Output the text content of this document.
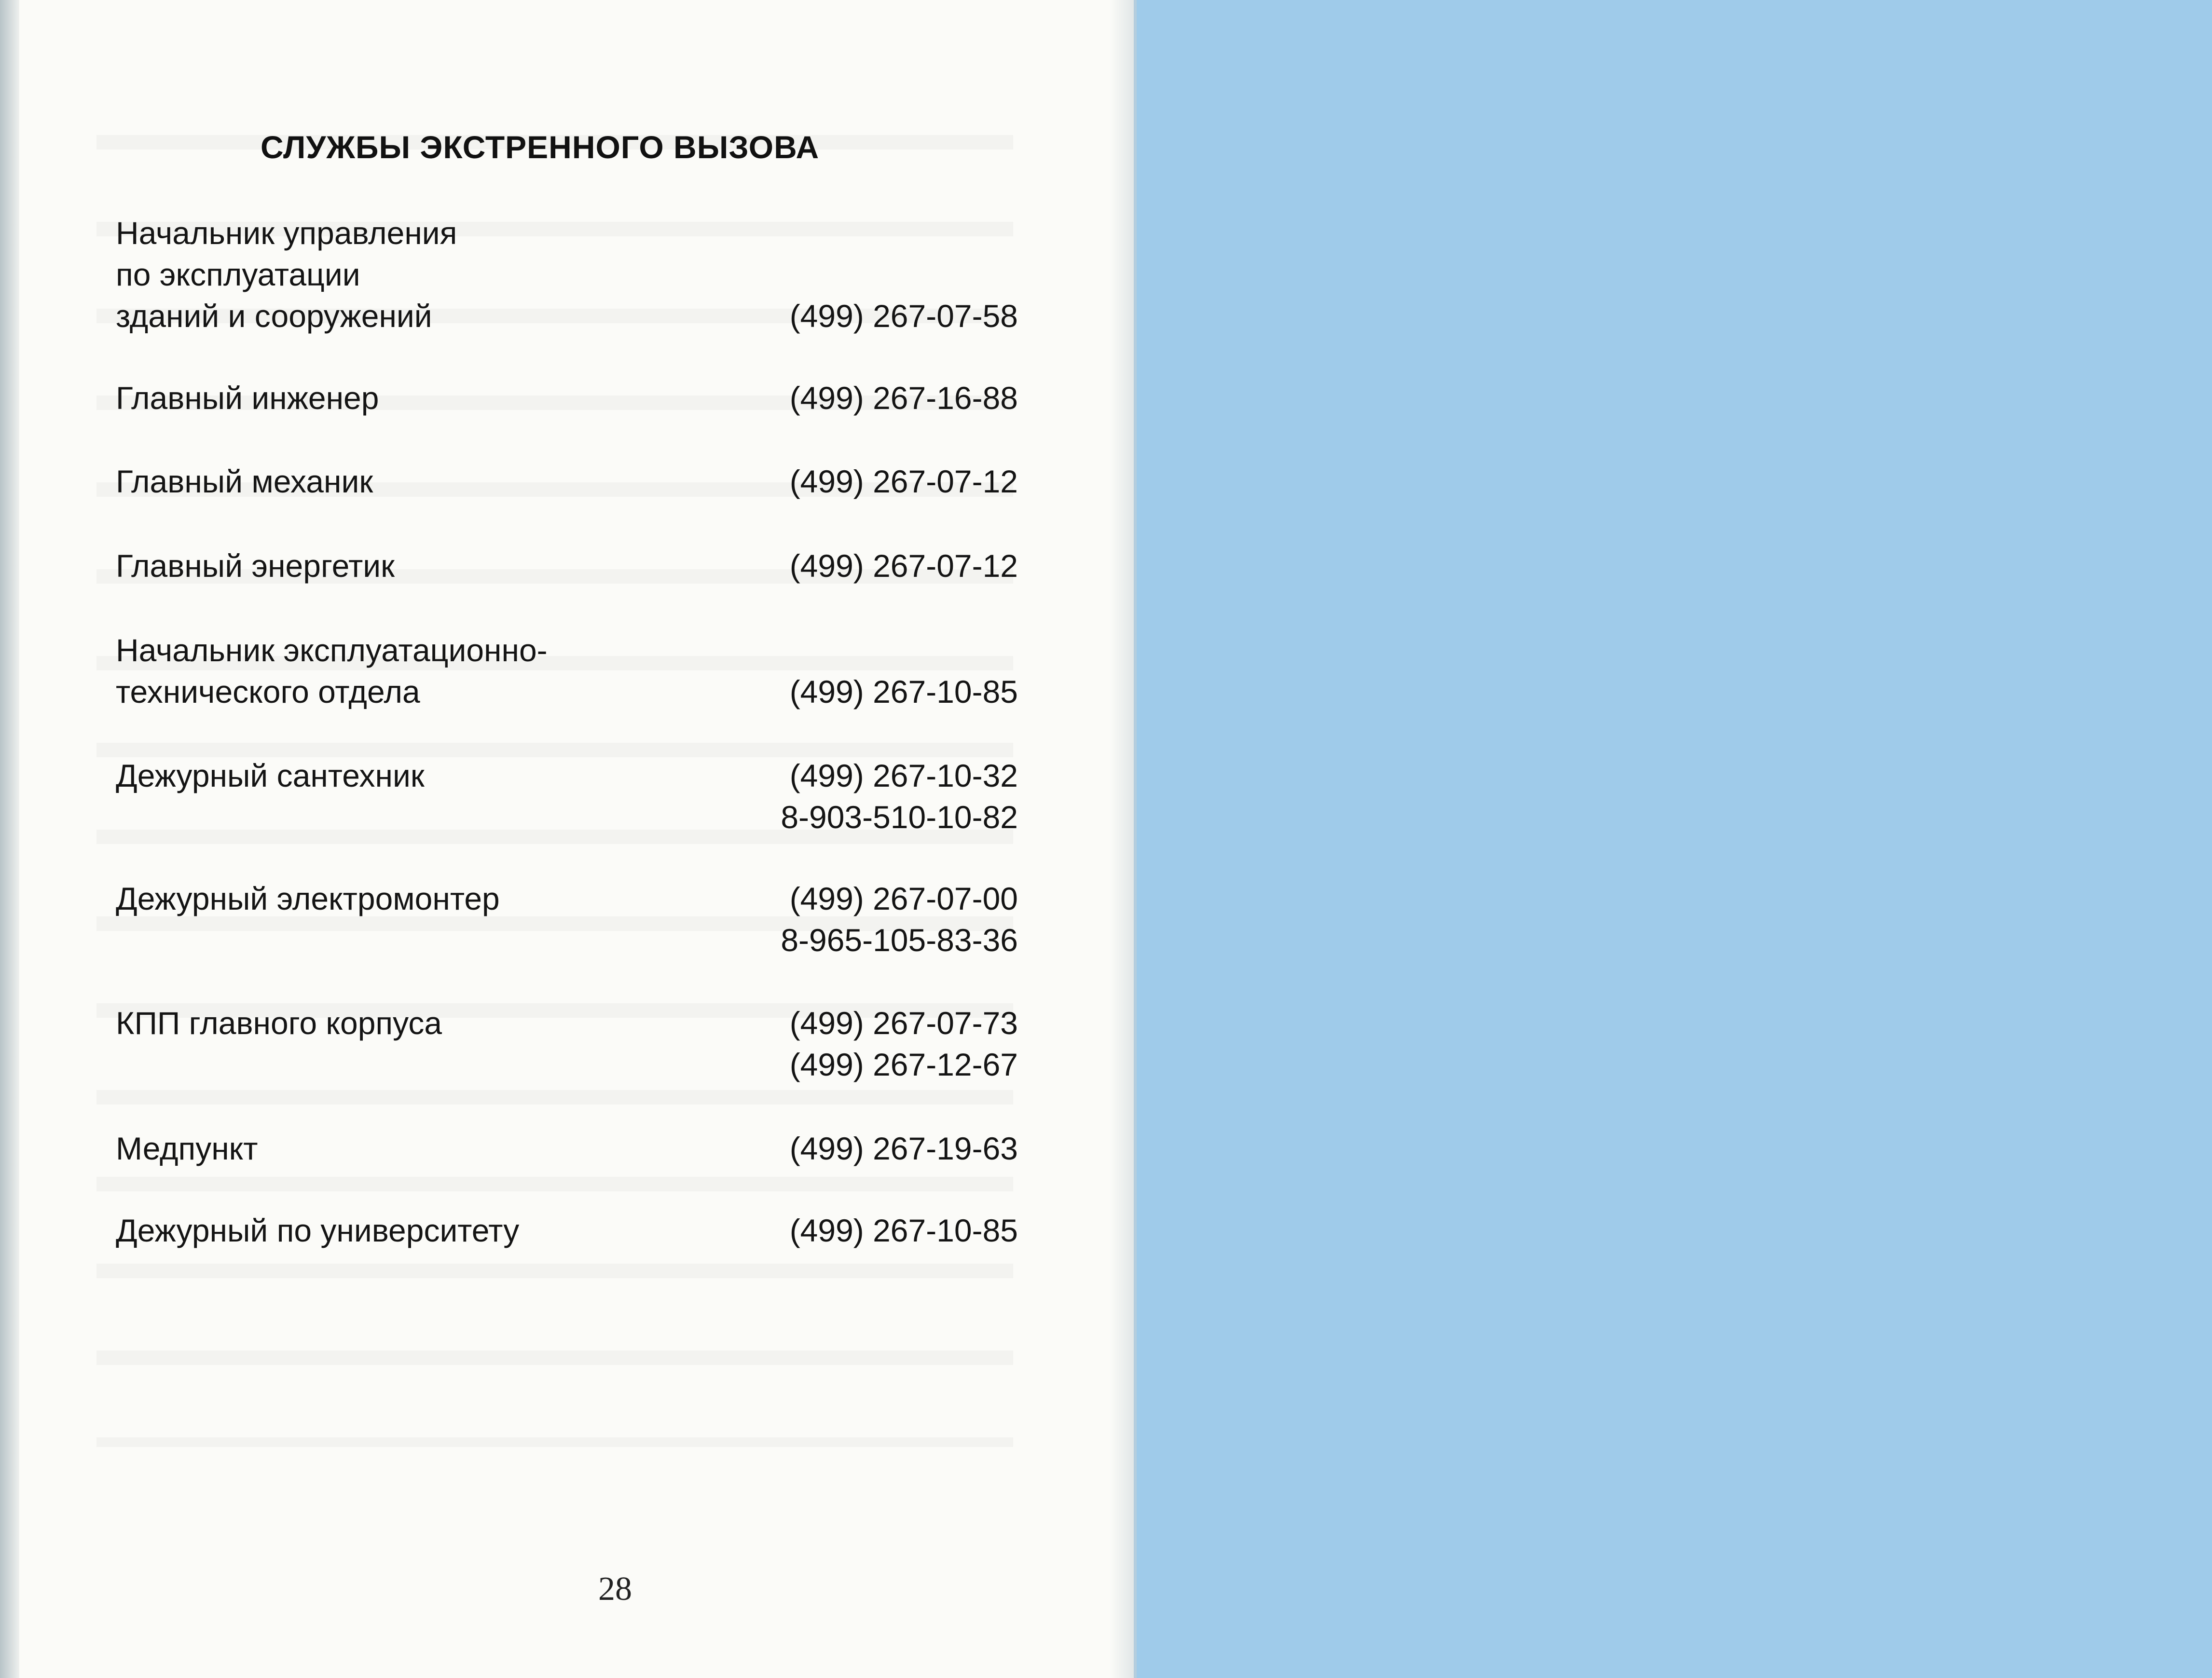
СЛУЖБЫ ЭКСТРЕННОГО ВЫЗОВА
Начальник управления
по эксплуатации
зданий и сооружений	(499) 267-07-58
Главный инженер	(499) 267-16-88
Главный механик	(499) 267-07-12
Главный энергетик	(499) 267-07-12
Начальник эксплуатационно-
технического отдела	(499) 267-10-85
Дежурный сантехник	(499) 267-10-32
8-903-510-10-82
Дежурный электромонтер	(499) 267-07-00
8-965-105-83-36
КПП главного корпуса	(499) 267-07-73
(499) 267-12-67
Медпункт	(499) 267-19-63
Дежурный по университету	(499) 267-10-85
28
